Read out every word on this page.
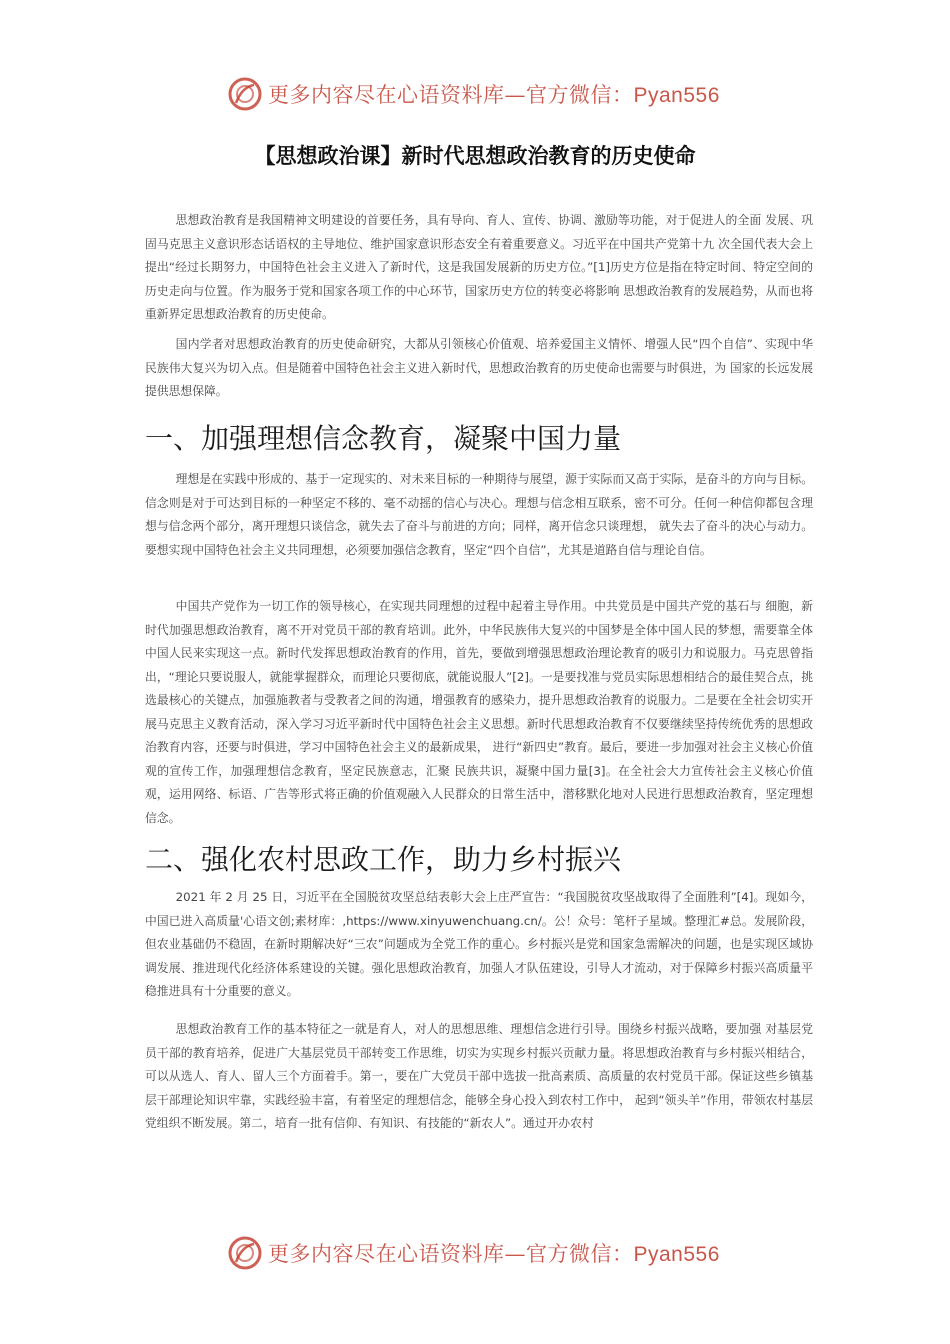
更多内容尽在心语资料库—官方微信：Pyan556
【思想政治课】新时代思想政治教育的历史使命

思想政治教育是我国精神文明建设的首要任务，具有导向、育人、宣传、协调、激励等功能，对于促进人的全面 发展、巩固马克思主义意识形态话语权的主导地位、维护国家意识形态安全有着重要意义。习近平在中国共产党第十九 次全国代表大会上提出“经过长期努力，中国特色社会主义进入了新时代，这是我国发展新的历史方位。”[1]历史方位是指在特定时间、特定空间的历史走向与位置。作为服务于党和国家各项工作的中心环节，国家历史方位的转变必将影响 思想政治教育的发展趋势，从而也将重新界定思想政治教育的历史使命。

国内学者对思想政治教育的历史使命研究，大都从引领核心价值观、培养爱国主义情怀、增强人民“四个自信”、实现中华民族伟大复兴为切入点。但是随着中国特色社会主义进入新时代，思想政治教育的历史使命也需要与时俱进，为 国家的长远发展提供思想保障。

一、加强理想信念教育，凝聚中国力量

理想是在实践中形成的、基于一定现实的、对未来目标的一种期待与展望，源于实际而又高于实际，是奋斗的方向与目标。信念则是对于可达到目标的一种坚定不移的、毫不动摇的信心与决心。理想与信念相互联系，密不可分。任何一种信仰都包含理想与信念两个部分，离开理想只谈信念，就失去了奋斗与前进的方向；同样，离开信念只谈理想， 就失去了奋斗的决心与动力。要想实现中国特色社会主义共同理想，必须要加强信念教育，坚定“四个自信”，尤其是道路自信与理论自信。

中国共产党作为一切工作的领导核心，在实现共同理想的过程中起着主导作用。中共党员是中国共产党的基石与 细胞，新时代加强思想政治教育，离不开对党员干部的教育培训。此外，中华民族伟大复兴的中国梦是全体中国人民的梦想，需要靠全体中国人民来实现这一点。新时代发挥思想政治教育的作用，首先，要做到增强思想政治理论教育的吸引力和说服力。马克思曾指出，“理论只要说服人，就能掌握群众，而理论只要彻底，就能说服人”[2]。一是要找准与党员实际思想相结合的最佳契合点，挑选最核心的关键点，加强施教者与受教者之间的沟通，增强教育的感染力，提升思想政治教育的说服力。二是要在全社会切实开展马克思主义教育活动，深入学习习近平新时代中国特色社会主义思想。新时代思想政治教育不仅要继续坚持传统优秀的思想政治教育内容，还要与时俱进，学习中国特色社会主义的最新成果， 进行“新四史”教育。最后，要进一步加强对社会主义核心价值观的宣传工作，加强理想信念教育，坚定民族意志，汇聚 民族共识，凝聚中国力量[3]。在全社会大力宣传社会主义核心价值观，运用网络、标语、广告等形式将正确的价值观融入人民群众的日常生活中，潜移默化地对人民进行思想政治教育，坚定理想信念。

二、强化农村思政工作，助力乡村振兴

2021 年 2 月 25 日，习近平在全国脱贫攻坚总结表彰大会上庄严宣告：“我国脱贫攻坚战取得了全面胜利”[4]。现如今，中国已进入高质量'心语文创;素材库：,https://www.xinyuwenchuang.cn/。公！众号：笔杆子星域。整理汇#总。发展阶段，但农业基础仍不稳固，在新时期解决好“三农”问题成为全党工作的重心。乡村振兴是党和国家急需解决的问题，也是实现区域协调发展、推进现代化经济体系建设的关键。强化思想政治教育，加强人才队伍建设，引导人才流动，对于保障乡村振兴高质量平稳推进具有十分重要的意义。

思想政治教育工作的基本特征之一就是育人，对人的思想思维、理想信念进行引导。围绕乡村振兴战略，要加强 对基层党员干部的教育培养，促进广大基层党员干部转变工作思维，切实为实现乡村振兴贡献力量。将思想政治教育与乡村振兴相结合，可以从选人、育人、留人三个方面着手。第一，要在广大党员干部中选拔一批高素质、高质量的农村党员干部。保证这些乡镇基层干部理论知识牢靠，实践经验丰富，有着坚定的理想信念，能够全身心投入到农村工作中， 起到“领头羊”作用，带领农村基层党组织不断发展。第二，培育一批有信仰、有知识、有技能的“新农人”。通过开办农村

更多内容尽在心语资料库—官方微信：Pyan556
